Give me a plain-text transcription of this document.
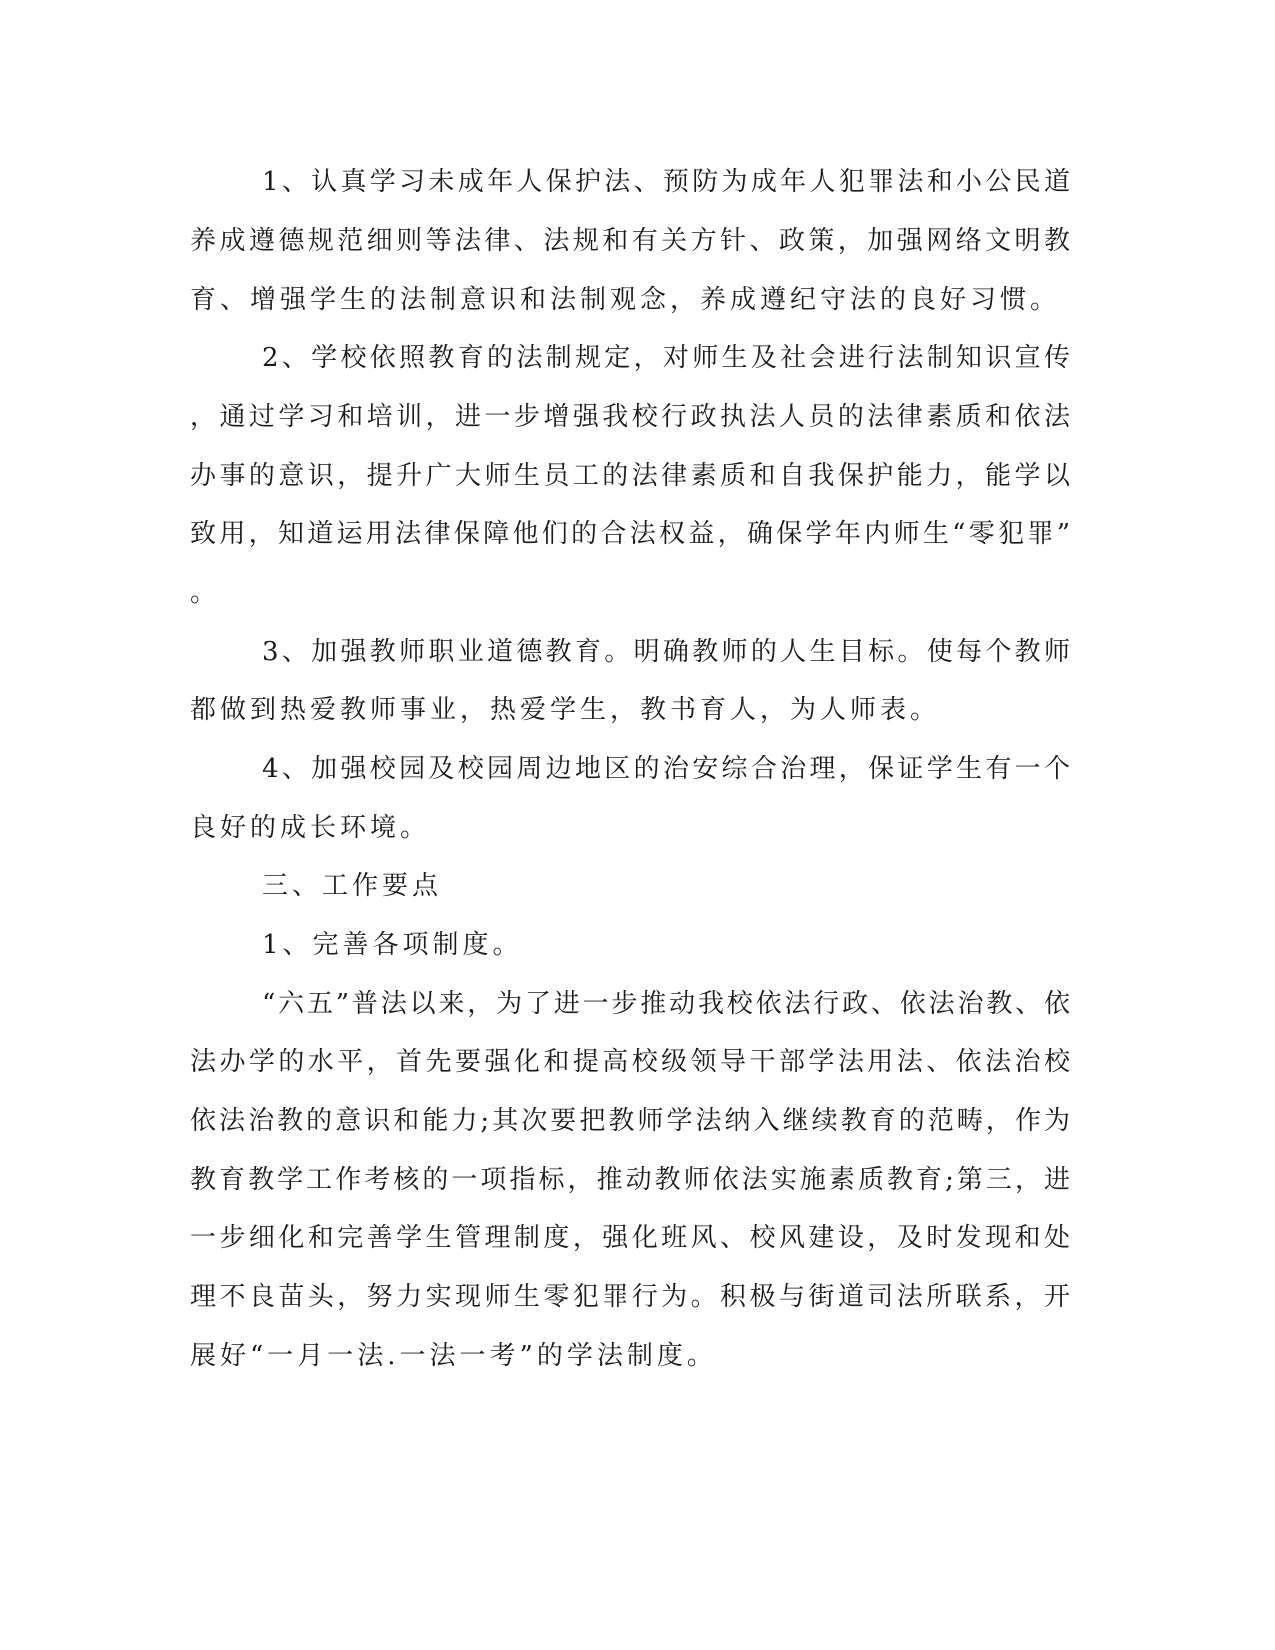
1、认真学习未成年人保护法、预防为成年人犯罪法和小公民道
养成遵德规范细则等法律、法规和有关方针、政策，加强网络文明教
育、增强学生的法制意识和法制观念，养成遵纪守法的良好习惯。
2、学校依照教育的法制规定，对师生及社会进行法制知识宣传
，通过学习和培训，进一步增强我校行政执法人员的法律素质和依法
办事的意识，提升广大师生员工的法律素质和自我保护能力，能学以
致用，知道运用法律保障他们的合法权益，确保学年内师生“零犯罪”
。
3、加强教师职业道德教育。明确教师的人生目标。使每个教师
都做到热爱教师事业，热爱学生，教书育人，为人师表。
4、加强校园及校园周边地区的治安综合治理，保证学生有一个
良好的成长环境。
三、工作要点
1、完善各项制度。
“六五”普法以来，为了进一步推动我校依法行政、依法治教、依
法办学的水平，首先要强化和提高校级领导干部学法用法、依法治校
依法治教的意识和能力;其次要把教师学法纳入继续教育的范畴，作为
教育教学工作考核的一项指标，推动教师依法实施素质教育;第三，进
一步细化和完善学生管理制度，强化班风、校风建设，及时发现和处
理不良苗头，努力实现师生零犯罪行为。积极与街道司法所联系，开
展好“一月一法.一法一考”的学法制度。
